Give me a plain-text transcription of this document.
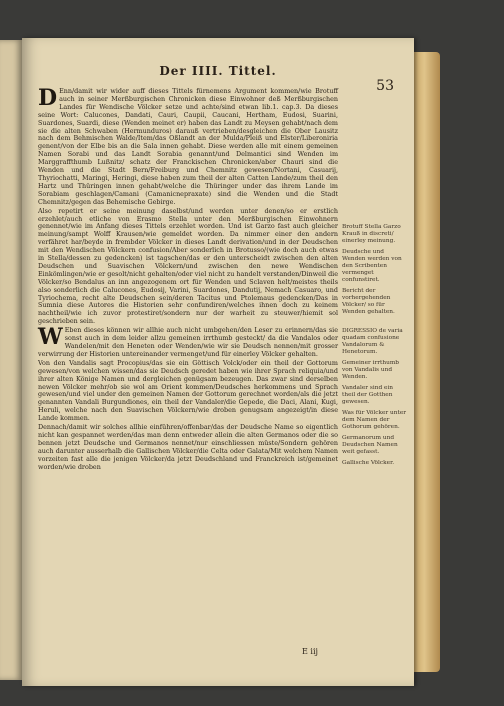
Der IIII. Tittel.
53

D Enn/damit wir wider auff dieses Tittels fürnemens Argument kommen/wie Brotuff auch in seiner Merßburgischen Chronicken diese Einwohner deß Merßburgischen Landes für Wendische Völcker setze und achte/sind etwan lib.1. cap.3. Da dieses seine Wort: Calucones, Dandati, Cauri, Caupii, Caucani, Hertham, Eudosi, Suarini, Suardones, Suardi, diese (Wenden meinet er) haben das Landt zu Meysen gehabt/nach dem sie die alten Schwaben (Hermunduros) darauß vertrieben/desgleichen die Ober Lausitz nach dem Behmischen Walde/Item/das Oßlandt an der Mulda/Pleiß und Elster/Liberoniria genent/von der Elbe bis an die Sala innen gehabt. Diese werden alle mit einem gemeinen Namen Sorabi und das Landt Sorabia genannt/und Delmantici sind Wenden im Marggraffthumb Lußnitz/ schatz der Franckischen Chronicken/aber Chauri sind die Wenden und die Stadt Bern/Freiburg und Chemnitz gewesen/Nortani, Casuarij, Thyriochatti, Maringi, Heringi, diese haben zum theil der alten Catten Lande/zum theil den Hartz und Thüringen innen gehabt/welche die Thüringer under das ihrem Lande im Sorabiam geschlagen/Camani (Camanicnepraxate) sind die Wenden und die Stadt Chemnitz/gegen das Behemische Gebirge.

Also repetirt er seine meinung daselbst/und werden unter denen/so er erstlich erzehlet/auch etliche von Erasmo Stella unter den Merßburgischen Einwohnern genennet/wie im Anfang dieses Tittels erzehlet worden. Und ist Garzo fast auch gleicher meinung/sampt Wolff Krausen/wie gemeldet worden. Da nimmer einer den andern verfähret har/beyde in frembder Völcker in dieses Landt derivation/und in der Deudschen mit den Wendischen Völckern confusion/Aber sonderlich in Brotusso/(wie doch auch etwas in Stella/dessen zu gedencken) ist tagschen/das er den unterscheidt zwischen den alten Deudschen und Suavischen Völckern/und zwischen den newe Wendischen Einkömlingen/wie er gesolt/nicht gehalten/oder viel nicht zu handelt verstanden/Dinweil die Völcker/so Bendalus an inn angezogenem ort für Wenden und Sclaven helt/meistes theils also sonderlich die Calucones, Eudosij, Varini, Suardones, Dandutij, Nemach Casuaro, und Tyriochema, recht alte Deudschen sein/deren Tacitus und Ptolemaus gedencken/Das in Sumnia diese Autores die Historien sehr confundiren/welches ihnen doch zu keinem nachtheil/wie ich zuvor protestiret/sondern nur der warheit zu steuwer/hiemit sol geschrieben sein.

W Eben dieses können wir allhie auch nicht umbgehen/den Leser zu erinnern/das sie sonst auch in dem leider allzu gemeinen irrthumb gesteckt/ da die Vandalos oder Wandelen/mit den Heneten oder Wenden/wie wir sie Deudsch nennen/mit grosser verwirrung der Historien untereinander vermenget/und für einerley Völcker gehalten.

Von den Vandalis sagt Procopius/das sie ein Göttisch Volck/oder ein theil der Gottorum gewesen/von welchen wissen/das sie Deudsch geredet haben wie ihrer Sprach reliquia/und ihrer alten Könige Namen und dergleichen genügsam bezeugen. Das zwar sind derselben newen Völcker mehr/ob sie wol am Orient kommen/Deudsches herkommens und Sprach gewesen/und viel under den gemeinen Namen der Gottorum gerechnet worden/als die jetzt genannten Vandali Burgundiones, ein theil der Vandaler/die Gepede, die Daci, Alani, Kugi, Heruli, welche nach den Suavischen Völckern/wie droben genugsam angezeigt/in diese Lande kommen.

Dennach/damit wir solches allhie einführen/offenbar/das der Deudsche Name so eigentlich nicht kan gespannet werden/das man denn entweder allein die alten Germanos oder die so bennen jetzt Deudsche und Germanos nennet/nur einschliessen müste/Sondern gehören auch darunter ausserhalb die Gallischen Völcker/die Celta oder Galata/Mit welchem Namen vorzeiten fast alle die jenigen Völcker/da jetzt Deudschland und Franckreich ist/gemeinet worden/wie droben

Brotuff Stella Garzo Krauß in discreti/ einerley meinung.
Deudsche und Wenden werden von den Scribenten vermenget confunstiret.
Bericht der vorhergehenden Völcker/ so für Wenden gehalten.
DIGRESSIO de varia quadam confusione Vandalorum & Henetorum.
Gemeiner irrthumb von Vandalis und Wenden.
Vandaler sind ein theil der Gotthen gewesen.
Was für Völcker unter dem Namen der Gothorum gehören.
Germanorum und Deudschen Namen weit gefasst.
Gallische Völcker.
E iij
